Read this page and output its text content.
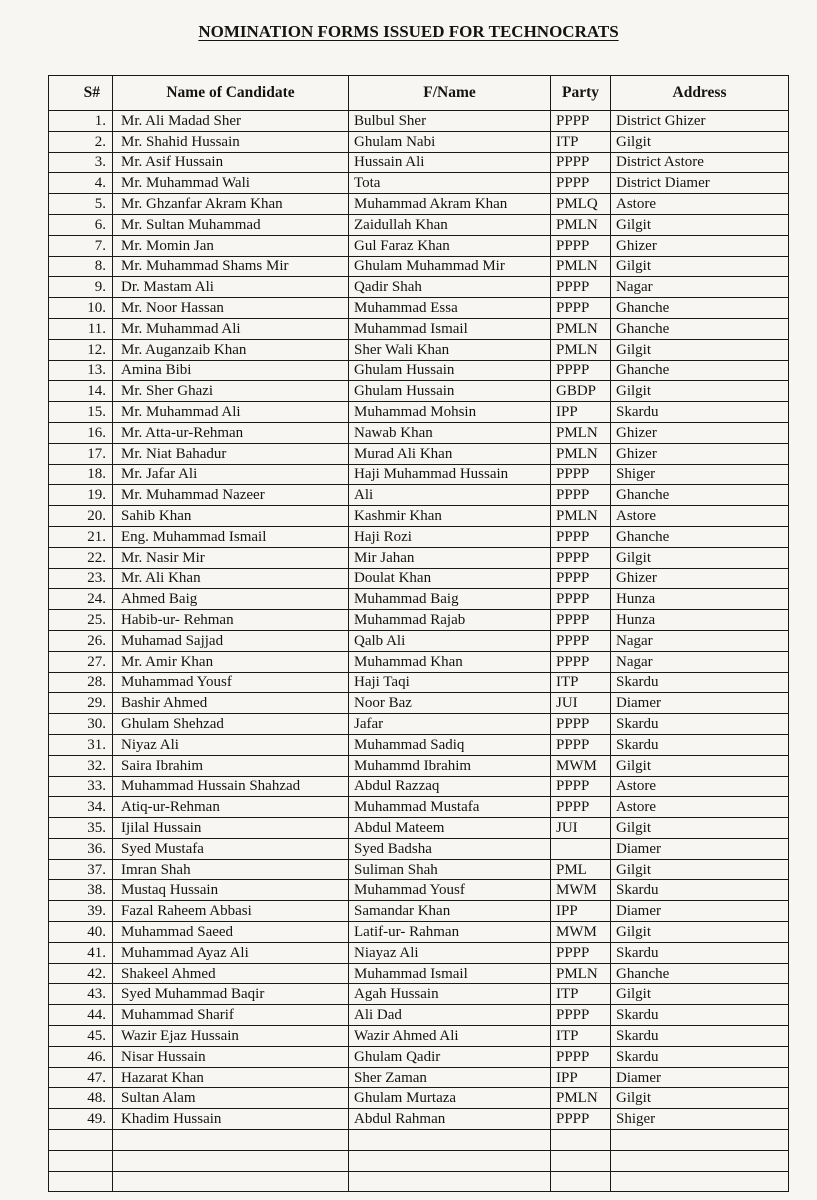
NOMINATION FORMS ISSUED FOR TECHNOCRATS
S#	Name of Candidate	F/Name	Party	Address
1.	Mr. Ali Madad Sher	Bulbul Sher	PPPP	District Ghizer
2.	Mr. Shahid Hussain	Ghulam Nabi	ITP	Gilgit
3.	Mr. Asif Hussain	Hussain Ali	PPPP	District Astore
4.	Mr. Muhammad Wali	Tota	PPPP	District Diamer
5.	Mr. Ghzanfar Akram Khan	Muhammad Akram Khan	PMLQ	Astore
6.	Mr. Sultan Muhammad	Zaidullah Khan	PMLN	Gilgit
7.	Mr. Momin Jan	Gul Faraz Khan	PPPP	Ghizer
8.	Mr. Muhammad Shams Mir	Ghulam Muhammad Mir	PMLN	Gilgit
9.	Dr. Mastam Ali	Qadir Shah	PPPP	Nagar
10.	Mr. Noor Hassan	Muhammad Essa	PPPP	Ghanche
11.	Mr. Muhammad Ali	Muhammad Ismail	PMLN	Ghanche
12.	Mr. Auganzaib Khan	Sher Wali Khan	PMLN	Gilgit
13.	Amina Bibi	Ghulam Hussain	PPPP	Ghanche
14.	Mr. Sher Ghazi	Ghulam Hussain	GBDP	Gilgit
15.	Mr. Muhammad Ali	Muhammad Mohsin	IPP	Skardu
16.	Mr. Atta-ur-Rehman	Nawab Khan	PMLN	Ghizer
17.	Mr. Niat Bahadur	Murad Ali Khan	PMLN	Ghizer
18.	Mr. Jafar Ali	Haji Muhammad Hussain	PPPP	Shiger
19.	Mr. Muhammad Nazeer	Ali	PPPP	Ghanche
20.	Sahib Khan	Kashmir Khan	PMLN	Astore
21.	Eng. Muhammad Ismail	Haji Rozi	PPPP	Ghanche
22.	Mr. Nasir Mir	Mir Jahan	PPPP	Gilgit
23.	Mr. Ali Khan	Doulat Khan	PPPP	Ghizer
24.	Ahmed Baig	Muhammad Baig	PPPP	Hunza
25.	Habib-ur- Rehman	Muhammad Rajab	PPPP	Hunza
26.	Muhamad Sajjad	Qalb Ali	PPPP	Nagar
27.	Mr. Amir Khan	Muhammad Khan	PPPP	Nagar
28.	Muhammad Yousf	Haji Taqi	ITP	Skardu
29.	Bashir Ahmed	Noor Baz	JUI	Diamer
30.	Ghulam Shehzad	Jafar	PPPP	Skardu
31.	Niyaz Ali	Muhammad Sadiq	PPPP	Skardu
32.	Saira Ibrahim	Muhammd Ibrahim	MWM	Gilgit
33.	Muhammad Hussain Shahzad	Abdul Razzaq	PPPP	Astore
34.	Atiq-ur-Rehman	Muhammad Mustafa	PPPP	Astore
35.	Ijilal Hussain	Abdul Mateem	JUI	Gilgit
36.	Syed Mustafa	Syed Badsha		Diamer
37.	Imran Shah	Suliman Shah	PML	Gilgit
38.	Mustaq Hussain	Muhammad Yousf	MWM	Skardu
39.	Fazal Raheem Abbasi	Samandar Khan	IPP	Diamer
40.	Muhammad Saeed	Latif-ur- Rahman	MWM	Gilgit
41.	Muhammad Ayaz Ali	Niayaz Ali	PPPP	Skardu
42.	Shakeel Ahmed	Muhammad Ismail	PMLN	Ghanche
43.	Syed Muhammad Baqir	Agah Hussain	ITP	Gilgit
44.	Muhammad Sharif	Ali Dad	PPPP	Skardu
45.	Wazir Ejaz Hussain	Wazir Ahmed Ali	ITP	Skardu
46.	Nisar Hussain	Ghulam Qadir	PPPP	Skardu
47.	Hazarat Khan	Sher Zaman	IPP	Diamer
48.	Sultan Alam	Ghulam Murtaza	PMLN	Gilgit
49.	Khadim Hussain	Abdul Rahman	PPPP	Shiger
